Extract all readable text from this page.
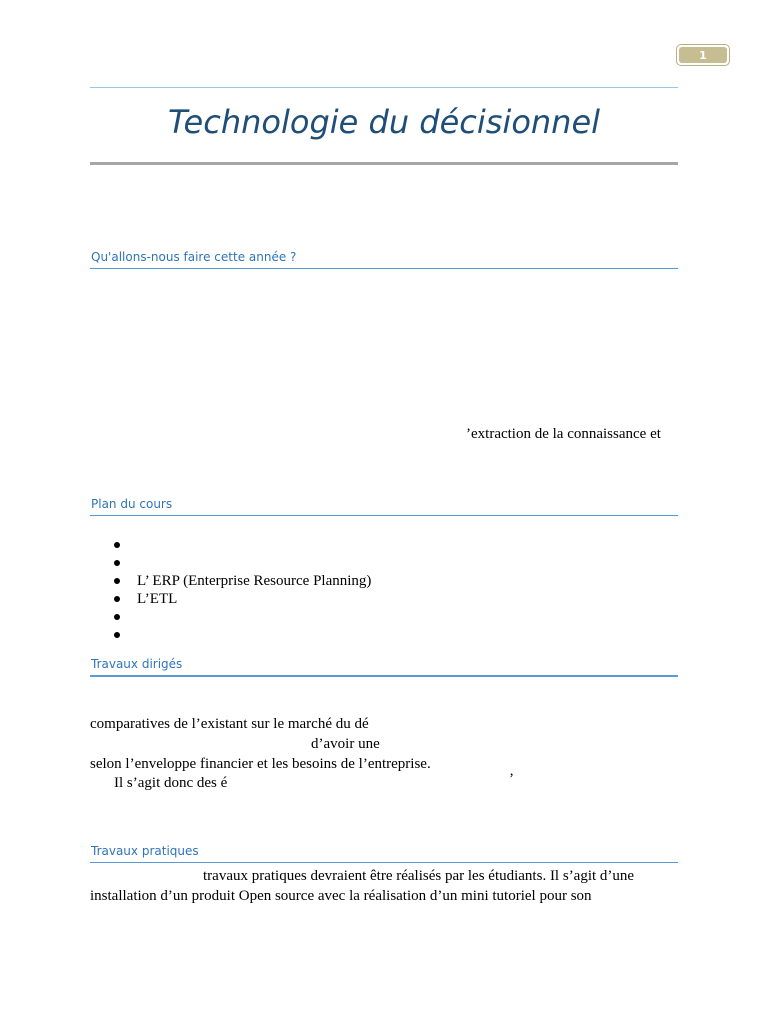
1
Technologie du décisionnel
Qu'allons-nous faire cette année ?
’extraction de la connaissance et
Plan du cours
L’ ERP (Enterprise Resource Planning)
L’ETL
Travaux dirigés
comparatives de l’existant sur le marché du dé
d’avoir une
selon l’enveloppe financier et les besoins de l’entreprise.
Il s’agit donc des é	’
Travaux pratiques
travaux pratiques devraient être réalisés par les étudiants. Il s’agit d’une
installation d’un produit Open source avec la réalisation d’un mini tutoriel pour son
